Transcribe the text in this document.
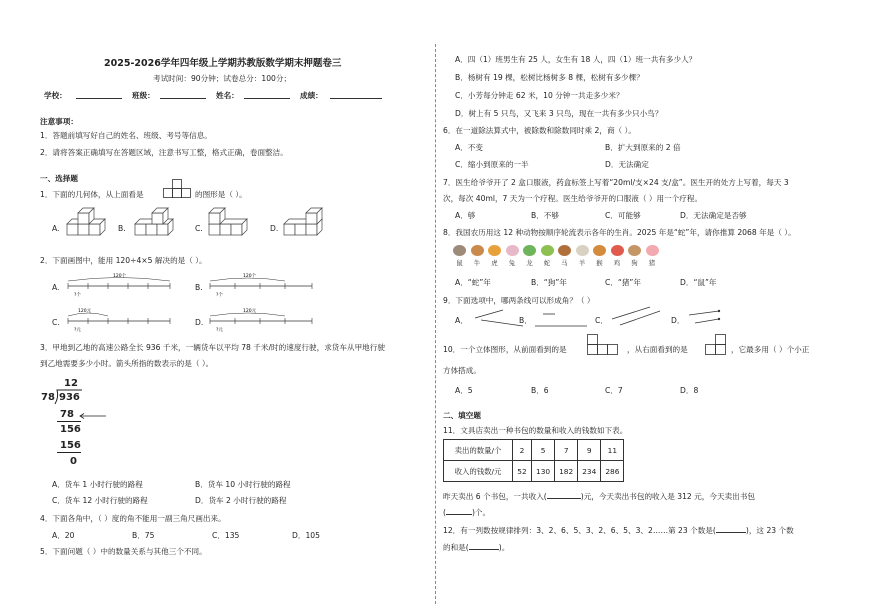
2025-2026学年四年级上学期苏教版数学期末押题卷三
考试时间：90分钟；试卷总分：100分；
学校：	班级：	姓名：	成绩：
注意事项：
1．答题前填写好自己的姓名、班级、考号等信息。
2．请将答案正确填写在答题区域，注意书写工整，格式正确，卷面整洁。
一、选择题
1．下面的几何体，从上面看是	的图形是（ ）。
A.	B.	C.	D.
2．下面画图中，能用 120÷4×5 解决的是（ ）。
A.
120个
?个
B.
120个
?个
C.
120元
?元
D.
120元
?元
3．甲地到乙地的高速公路全长 936 千米，一辆货车以平均 78 千米/时的速度行驶，求货车从甲地行驶
到乙地需要多少小时。箭头所指的数表示的是（ ）。
12
78 936
78
156
156
0
A．货车 1 小时行驶的路程	B．货车 10 小时行驶的路程
C．货车 12 小时行驶的路程	D．货车 2 小时行驶的路程
4．下面各角中，（ ）度的角不能用一副三角尺画出来。
A．20	B．75	C．135	D．105
5．下面问题（ ）中的数量关系与其他三个不同。
A．四（1）班男生有 25 人，女生有 18 人，四（1）班一共有多少人？
B．杨树有 19 棵，松树比杨树多 8 棵，松树有多少棵？
C．小芳每分钟走 62 米，10 分钟一共走多少米？
D．树上有 5 只鸟，又飞来 3 只鸟，现在一共有多少只小鸟？
6．在一道除法算式中，被除数和除数同时乘 2，商（ ）。
A．不变	B．扩大到原来的 2 倍
C．缩小到原来的一半	D．无法确定
7．医生给爷爷开了 2 盒口服液，药盒标签上写着“20ml/支×24 支/盒”。医生开的处方上写着，每天 3
次，每次 40ml，7 天为一个疗程。医生给爷爷开的口服液（ ）用一个疗程。
A．够	B．不够	C．可能够	D．无法确定是否够
8．我国农历用这 12 种动物按顺序轮流表示各年的生肖。2025 年是“蛇”年，请你推算 2068 年是（ ）。
鼠	牛	虎	兔	龙	蛇	马	羊	猴	鸡	狗	猪
A．“蛇”年	B．“狗”年	C．“猪”年	D．“鼠”年
9．下面选项中，哪两条线可以形成角？（ ）
A．	B．	C．	D．
10．一个立体图形，从前面看到的是	，从右面看到的是	，它最多用（ ）个小正
方体搭成。
A．5	B．6	C．7	D．8
二、填空题
11．文具店卖出一种书包的数量和收入的钱数如下表。
卖出的数量/个	2	5	7	9	11
收入的钱数/元	52	130	182	234	286
昨天卖出 6 个书包，一共收入(	)元，今天卖出书包的收入是 312 元，今天卖出书包
(	)个。
12．有一列数按规律排列：3、2、6、5、3、2、6、5、3、2……第 23 个数是(	)，这 23 个数
的和是(	)。
